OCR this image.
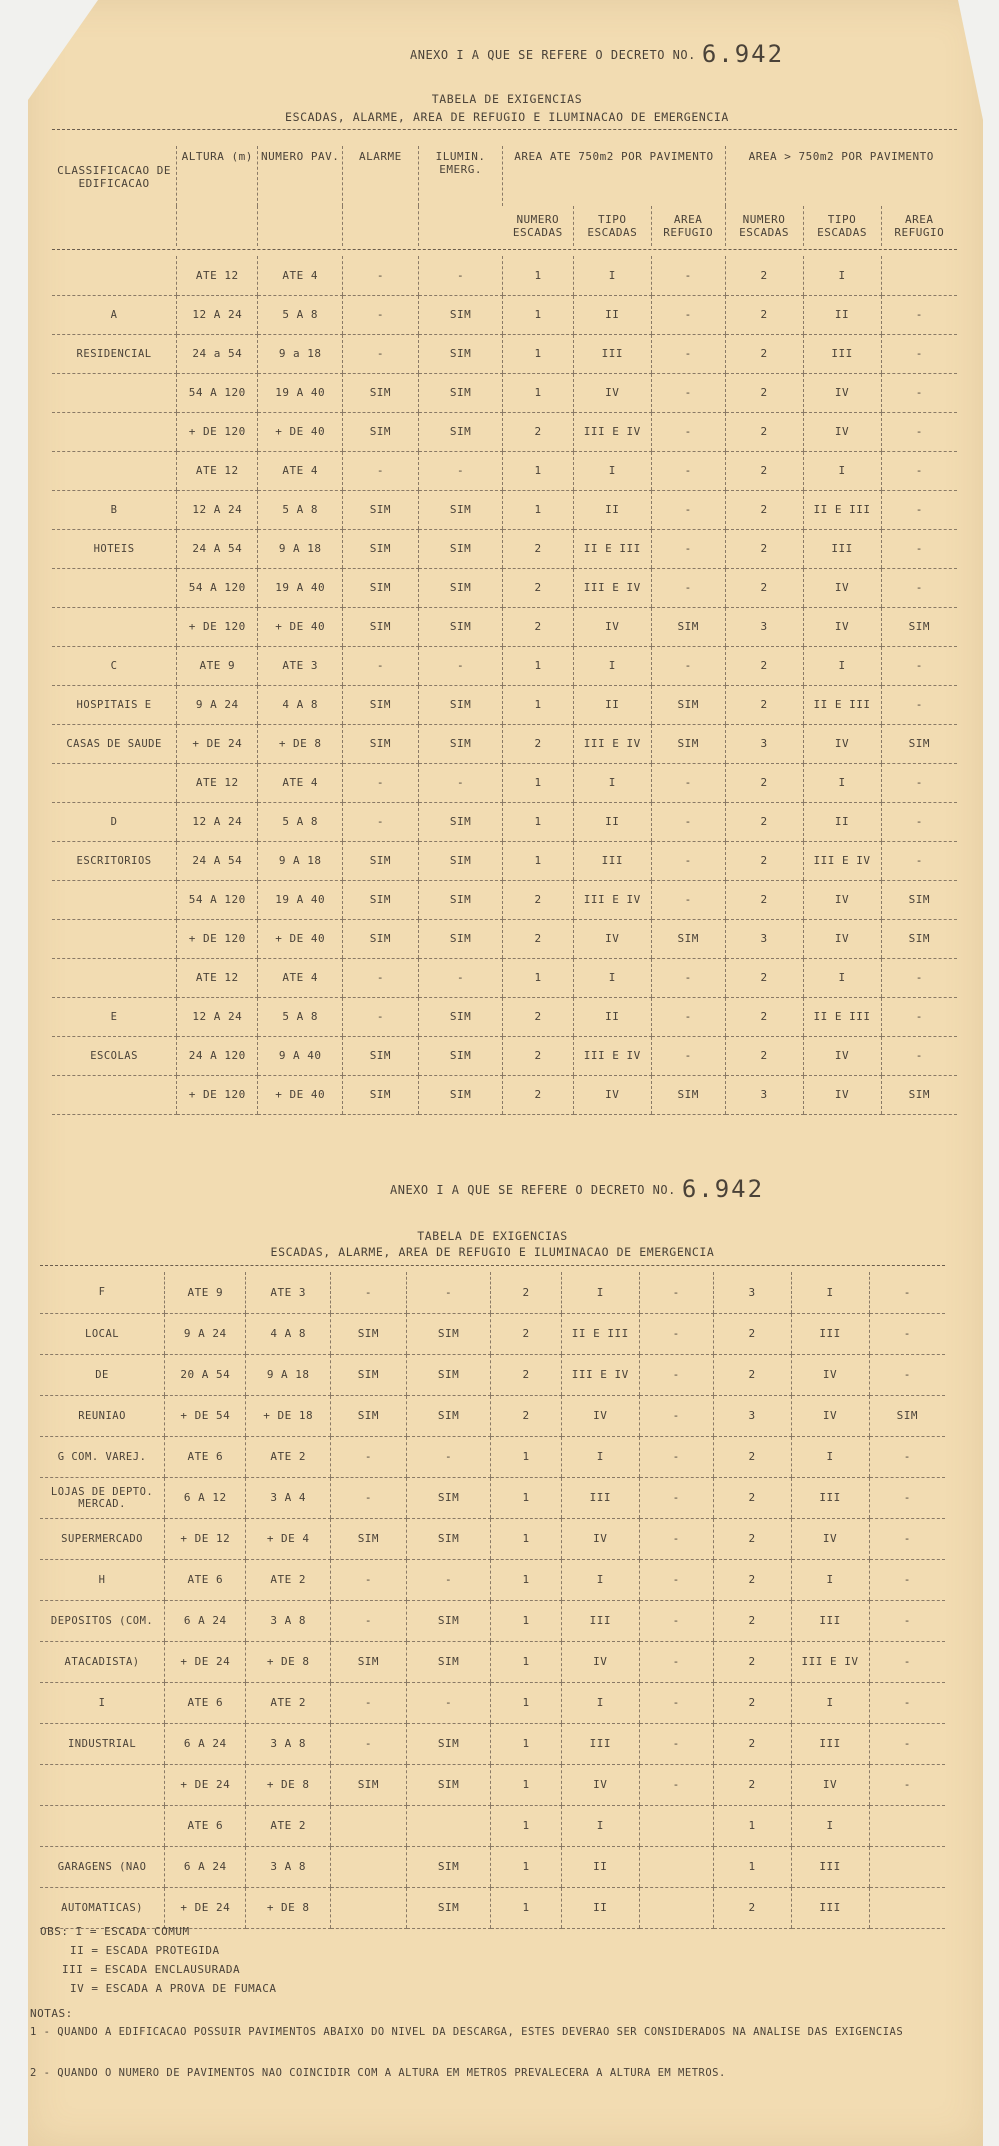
ANEXO I A QUE SE REFERE O DECRETO NO. 6.942
TABELA DE EXIGENCIAS
ESCADAS, ALARME, AREA DE REFUGIO E ILUMINACAO DE EMERGENCIA
CLASSIFICACAO DE EDIFICACAO	ALTURA (m)	NUMERO PAV.	ALARME	ILUMIN. EMERG.	AREA ATE 750m2 POR PAVIMENTO			AREA > 750m2 POR PAVIMENTO		
					NUMERO ESCADAS	TIPO ESCADAS	AREA REFUGIO	NUMERO ESCADAS	TIPO ESCADAS	AREA REFUGIO
	ATE 12	ATE 4	-	-	1	I	-	2	I	
A	12 A 24	5 A 8	-	SIM	1	II	-	2	II	-
RESIDENCIAL	24 a 54	9 a 18	-	SIM	1	III	-	2	III	-
	54 A 120	19 A 40	SIM	SIM	1	IV	-	2	IV	-
	+ DE 120	+ DE 40	SIM	SIM	2	III E IV	-	2	IV	-
	ATE 12	ATE 4	-	-	1	I	-	2	I	-
B	12 A 24	5 A 8	SIM	SIM	1	II	-	2	II E III	-
HOTEIS	24 A 54	9 A 18	SIM	SIM	2	II E III	-	2	III	-
	54 A 120	19 A 40	SIM	SIM	2	III E IV	-	2	IV	-
	+ DE 120	+ DE 40	SIM	SIM	2	IV	SIM	3	IV	SIM
C	ATE 9	ATE 3	-	-	1	I	-	2	I	-
HOSPITAIS E	9 A 24	4 A 8	SIM	SIM	1	II	SIM	2	II E III	-
CASAS DE SAUDE	+ DE 24	+ DE 8	SIM	SIM	2	III E IV	SIM	3	IV	SIM
	ATE 12	ATE 4	-	-	1	I	-	2	I	-
D	12 A 24	5 A 8	-	SIM	1	II	-	2	II	-
ESCRITORIOS	24 A 54	9 A 18	SIM	SIM	1	III	-	2	III E IV	-
	54 A 120	19 A 40	SIM	SIM	2	III E IV	-	2	IV	SIM
	+ DE 120	+ DE 40	SIM	SIM	2	IV	SIM	3	IV	SIM
	ATE 12	ATE 4	-	-	1	I	-	2	I	-
E	12 A 24	5 A 8	-	SIM	2	II	-	2	II E III	-
ESCOLAS	24 A 120	9 A 40	SIM	SIM	2	III E IV	-	2	IV	-
	+ DE 120	+ DE 40	SIM	SIM	2	IV	SIM	3	IV	SIM
ANEXO I A QUE SE REFERE O DECRETO NO. 6.942
TABELA DE EXIGENCIAS
ESCADAS, ALARME, AREA DE REFUGIO E ILUMINACAO DE EMERGENCIA
F	ATE 9	ATE 3	-	-	2	I	-	3	I	-
LOCAL	9 A 24	4 A 8	SIM	SIM	2	II E III	-	2	III	-
DE	20 A 54	9 A 18	SIM	SIM	2	III E IV	-	2	IV	-
REUNIAO	+ DE 54	+ DE 18	SIM	SIM	2	IV	-	3	IV	SIM
G COM. VAREJ.	ATE 6	ATE 2	-	-	1	I	-	2	I	-
LOJAS DE DEPTO. MERCAD.	6 A 12	3 A 4	-	SIM	1	III	-	2	III	-
SUPERMERCADO	+ DE 12	+ DE 4	SIM	SIM	1	IV	-	2	IV	-
H	ATE 6	ATE 2	-	-	1	I	-	2	I	-
DEPOSITOS (COM.	6 A 24	3 A 8	-	SIM	1	III	-	2	III	-
ATACADISTA)	+ DE 24	+ DE 8	SIM	SIM	1	IV	-	2	III E IV	-
I	ATE 6	ATE 2	-	-	1	I	-	2	I	-
INDUSTRIAL	6 A 24	3 A 8	-	SIM	1	III	-	2	III	-
	+ DE 24	+ DE 8	SIM	SIM	1	IV	-	2	IV	-
	ATE 6	ATE 2			1	I		1	I	
GARAGENS (NAO	6 A 24	3 A 8		SIM	1	II		1	III	
AUTOMATICAS)	+ DE 24	+ DE 8		SIM	1	II		2	III	
OBS: I = ESCADA COMUM
II = ESCADA PROTEGIDA
III = ESCADA ENCLAUSURADA
IV = ESCADA A PROVA DE FUMACA
NOTAS:
1 - QUANDO A EDIFICACAO POSSUIR PAVIMENTOS ABAIXO DO NIVEL DA DESCARGA, ESTES DEVERAO SER CONSIDERADOS NA ANALISE DAS EXIGENCIAS
2 - QUANDO O NUMERO DE PAVIMENTOS NAO COINCIDIR COM A ALTURA EM METROS PREVALECERA A ALTURA EM METROS.
